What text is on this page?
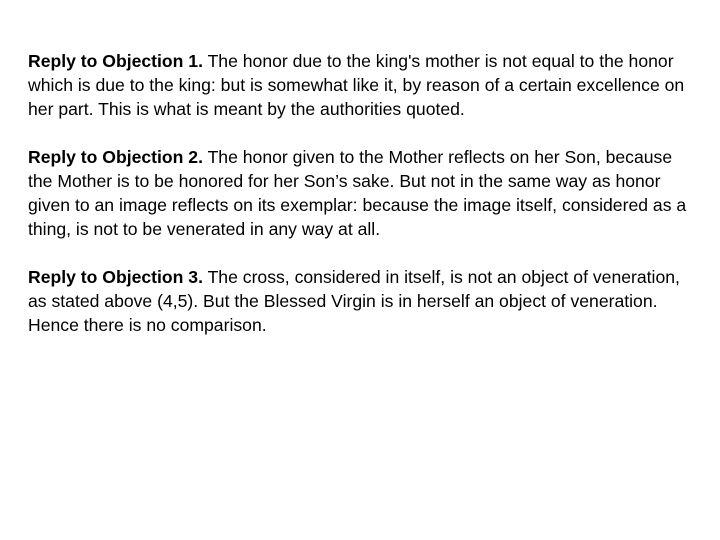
Reply to Objection 1. The honor due to the king's mother is not equal to the honor which is due to the king: but is somewhat like it, by reason of a certain excellence on her part. This is what is meant by the authorities quoted.

Reply to Objection 2. The honor given to the Mother reflects on her Son, because the Mother is to be honored for her Son’s sake. But not in the same way as honor given to an image reflects on its exemplar: because the image itself, considered as a thing, is not to be venerated in any way at all.

Reply to Objection 3. The cross, considered in itself, is not an object of veneration, as stated above (4,5). But the Blessed Virgin is in herself an object of veneration. Hence there is no comparison.
